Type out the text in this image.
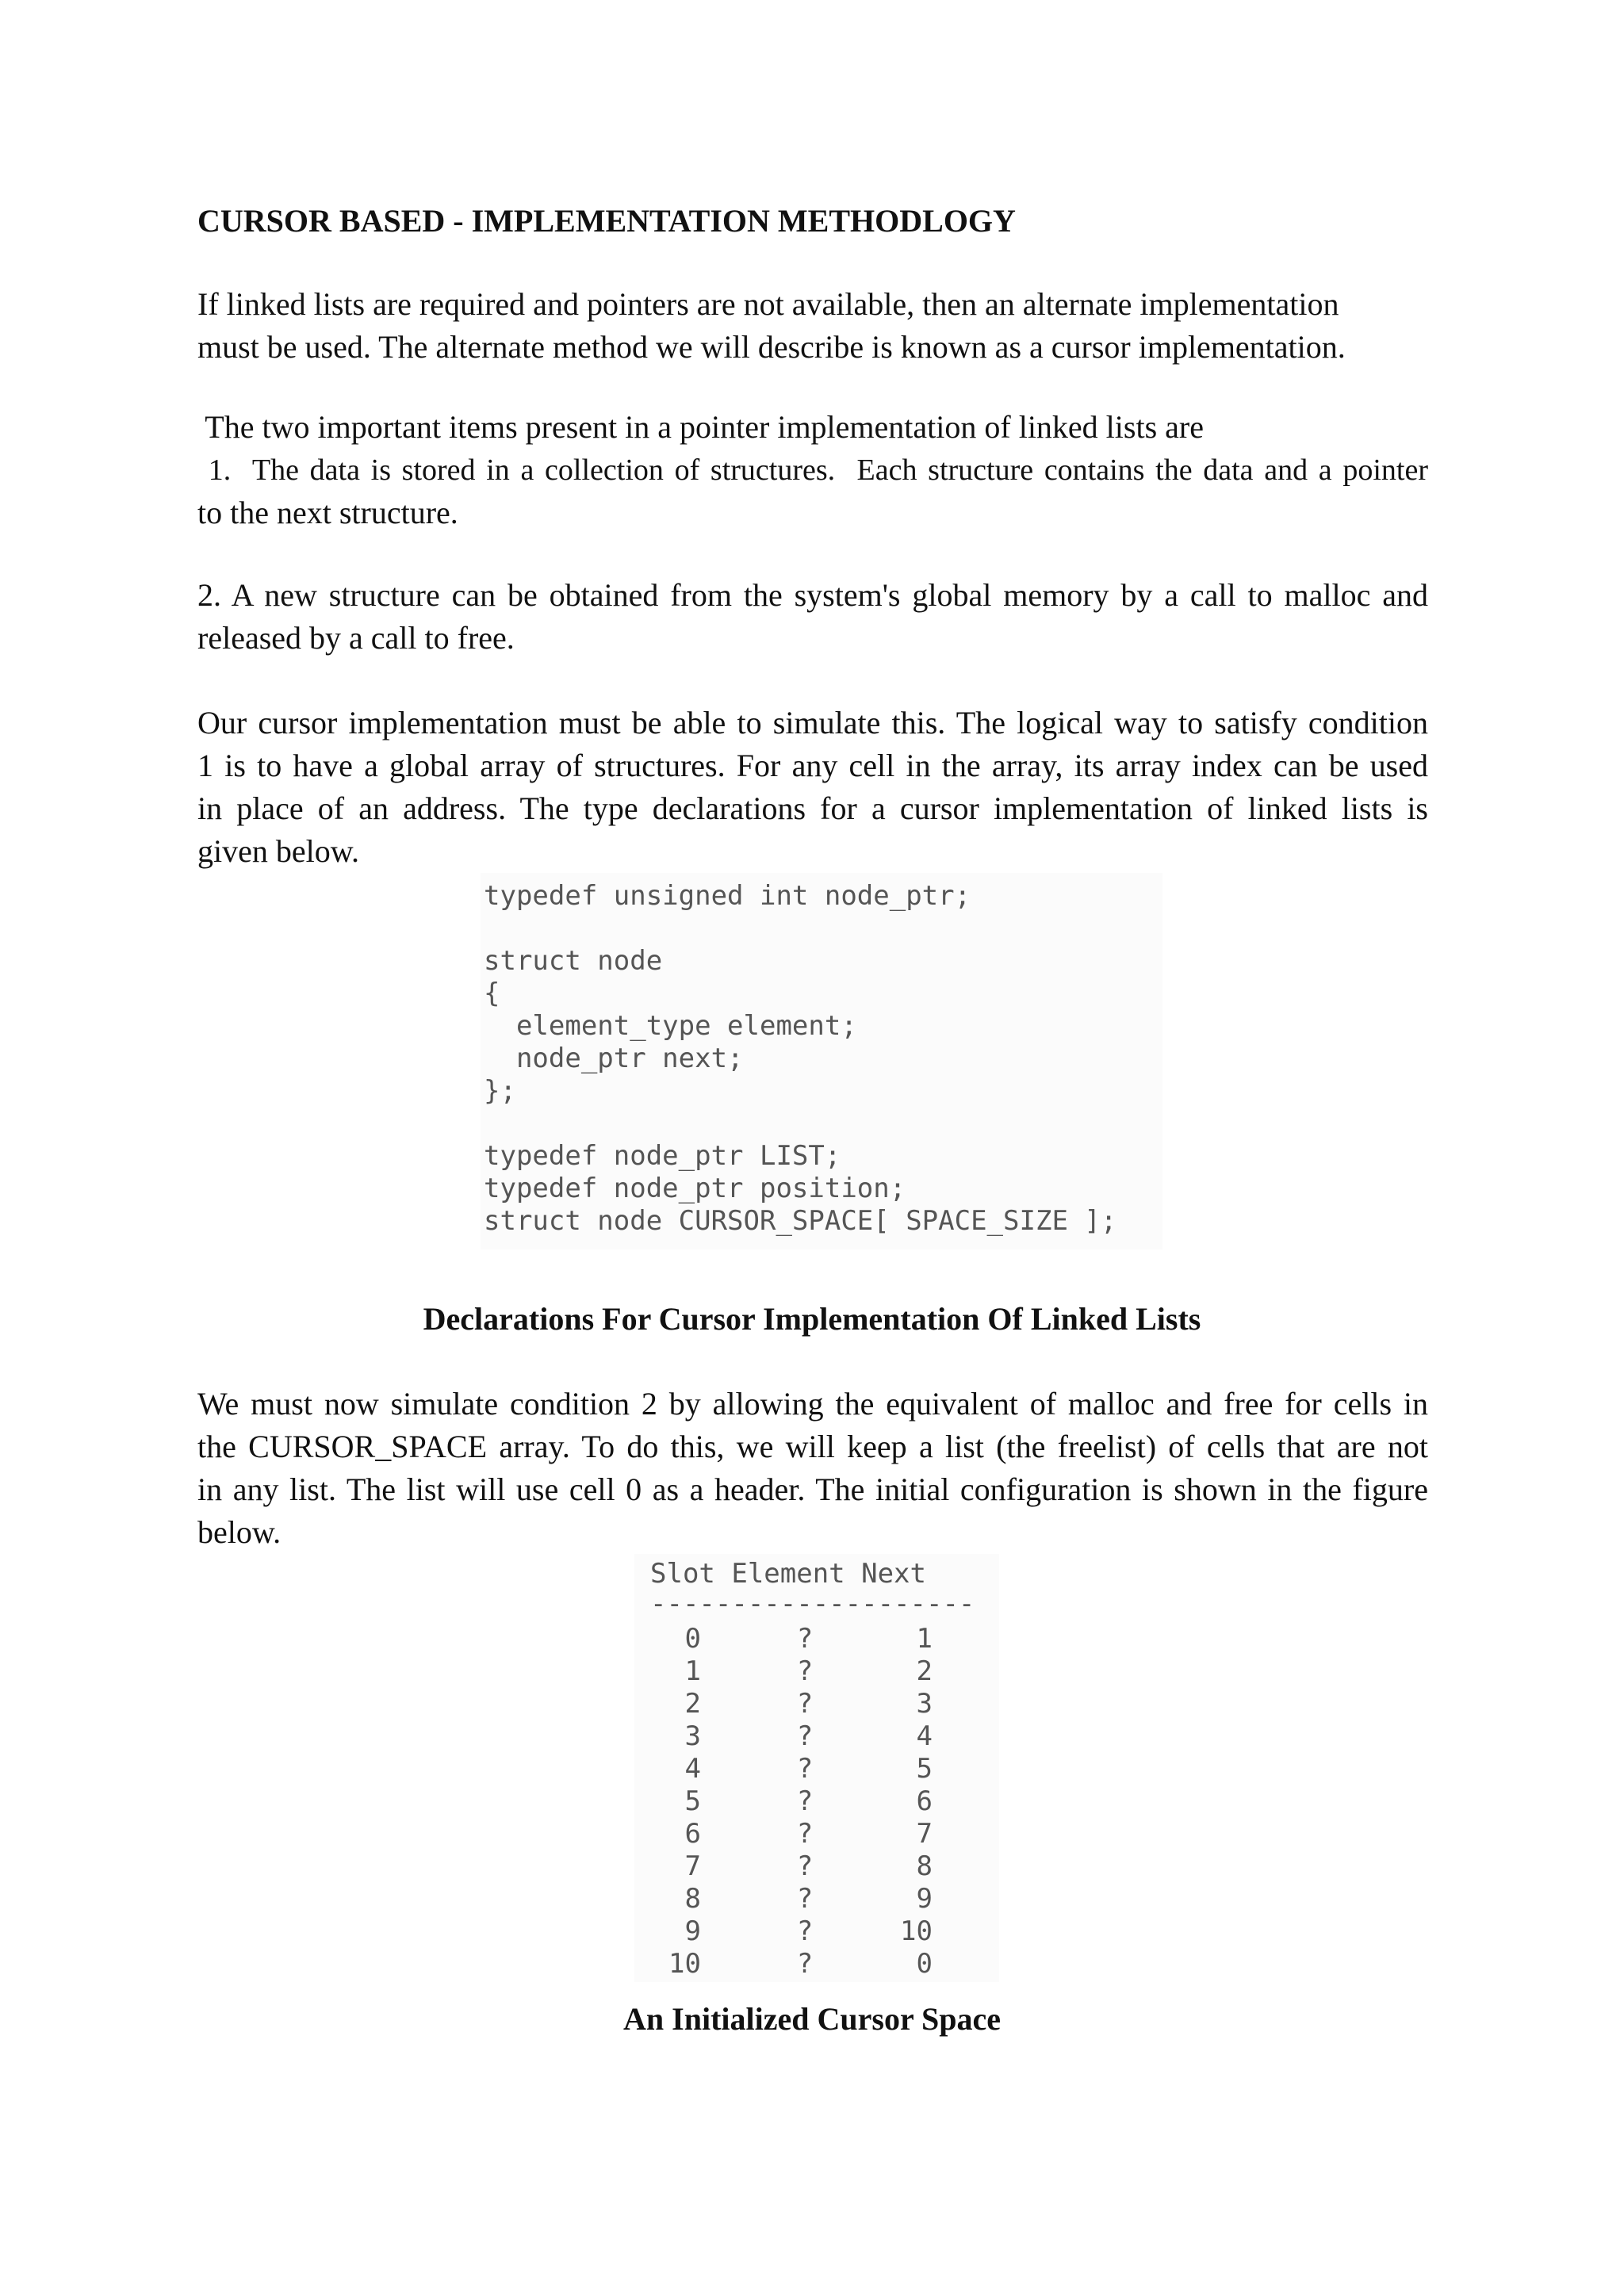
CURSOR BASED - IMPLEMENTATION METHODLOGY

If linked lists are required and pointers are not available, then an alternate implementation
must be used. The alternate method we will describe is known as a cursor implementation.

The two important items present in a pointer implementation of linked lists are

1.  The data is stored in a collection of structures.  Each structure contains the data and a pointer
to the next structure.

2. A new structure can be obtained from the system's global memory by a call to malloc and
released by a call to free.

Our cursor implementation must be able to simulate this. The logical way to satisfy condition
1 is to have a global array of structures. For any cell in the array, its array index can be used
in place of an address. The type declarations for a cursor implementation of linked lists is
given below.

typedef unsigned int node_ptr;
struct node
{
element_type element;
node_ptr next;
};
typedef node_ptr LIST;
typedef node_ptr position;
struct node CURSOR_SPACE[ SPACE_SIZE ];

Declarations For Cursor Implementation Of Linked Lists

We must now simulate condition 2 by allowing the equivalent of malloc and free for cells in
the CURSOR_SPACE array. To do this, we will keep a list (the freelist) of cells that are not
in any list. The list will use cell 0 as a header. The initial configuration is shown in the figure
below.

Slot Element Next
--------------------
0	?	1
1	?	2
2	?	3
3	?	4
4	?	5
5	?	6
6	?	7
7	?	8
8	?	9
9	?	10
10	?	0

An Initialized Cursor Space
